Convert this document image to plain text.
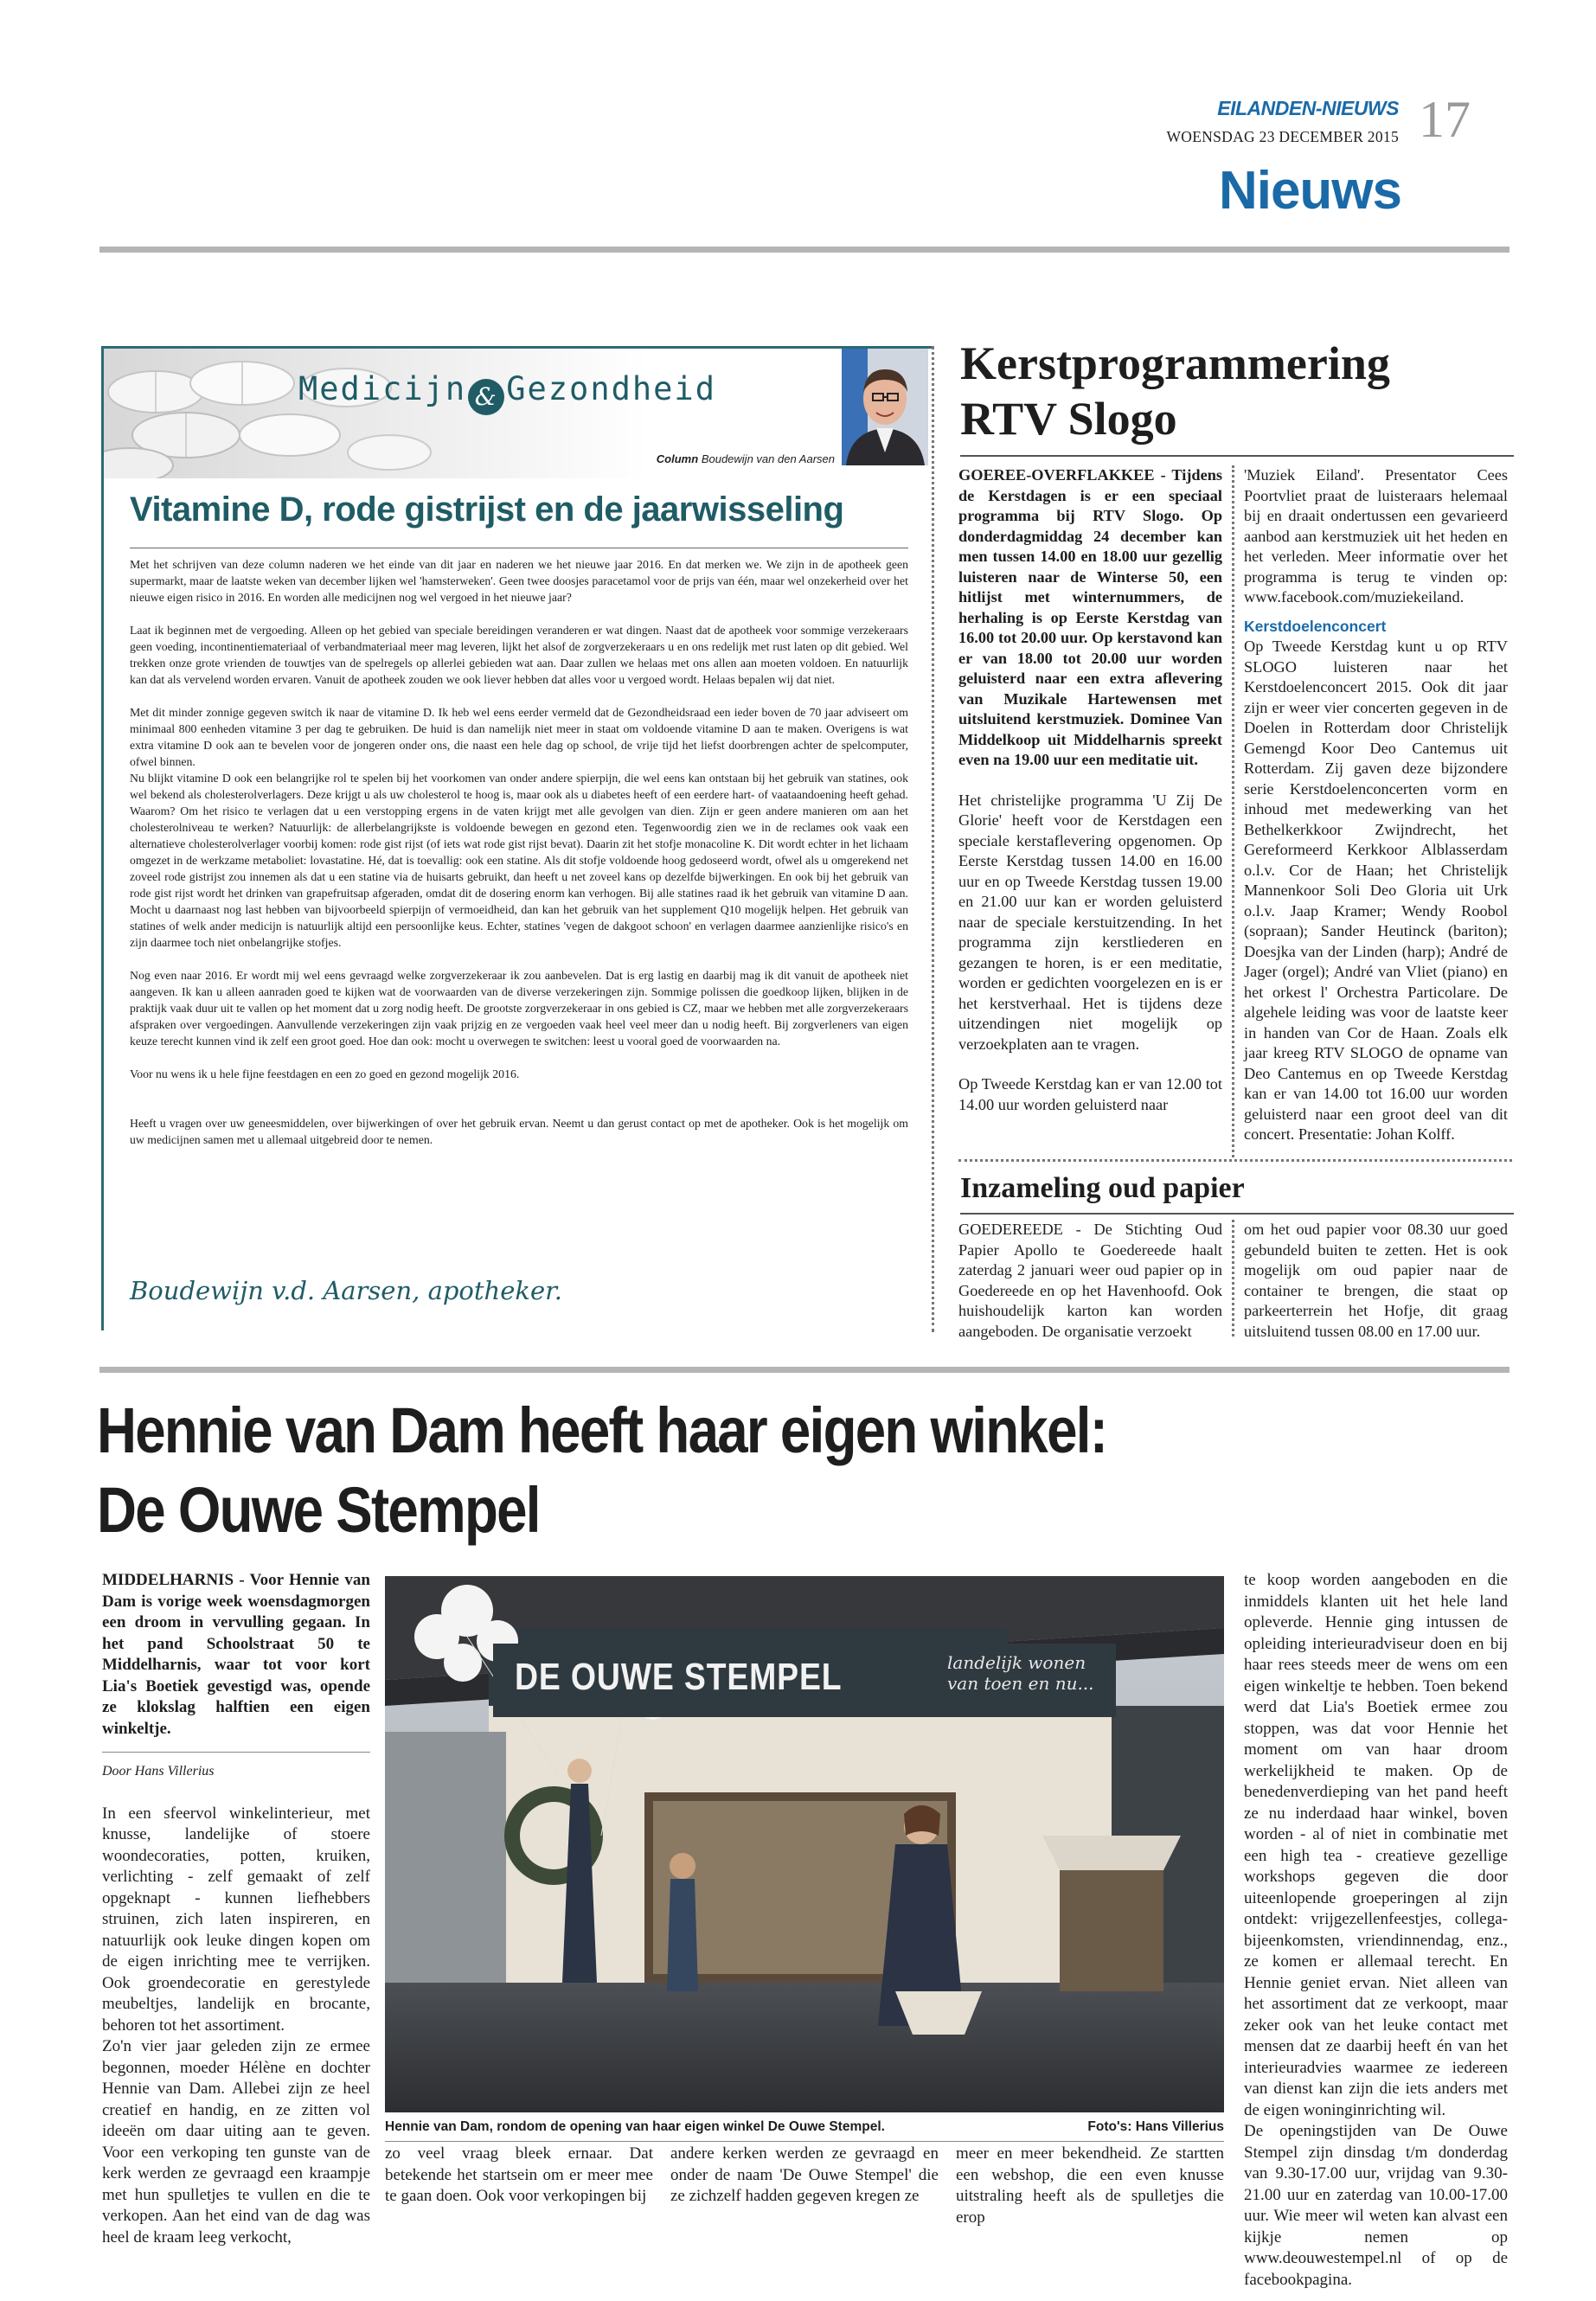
EILANDEN-NIEUWS
WOENSDAG 23 DECEMBER 2015 17
Nieuws
Medicijn & Gezondheid
Column Boudewijn van den Aarsen
Vitamine D, rode gistrijst en de jaarwisseling

Met het schrijven van deze column naderen we het einde van dit jaar en naderen we het nieuwe jaar 2016. En dat merken we. We zijn in de apotheek geen supermarkt, maar de laatste weken van december lijken wel 'hamsterweken'. Geen twee doosjes paracetamol voor de prijs van één, maar wel onzekerheid over het nieuwe eigen risico in 2016. En worden alle medicijnen nog wel vergoed in het nieuwe jaar?

Laat ik beginnen met de vergoeding. Alleen op het gebied van speciale bereidingen veranderen er wat dingen. Naast dat de apotheek voor sommige verzekeraars geen voeding, incontinentiemateriaal of verbandmateriaal meer mag leveren, lijkt het alsof de zorgverzekeraars u en ons redelijk met rust laten op dit gebied. Wel trekken onze grote vrienden de touwtjes van de spelregels op allerlei gebieden wat aan. Daar zullen we helaas met ons allen aan moeten voldoen. En natuurlijk kan dat als vervelend worden ervaren. Vanuit de apotheek zouden we ook liever hebben dat alles voor u vergoed wordt. Helaas bepalen wij dat niet.

Met dit minder zonnige gegeven switch ik naar de vitamine D. Ik heb wel eens eerder vermeld dat de Gezondheidsraad een ieder boven de 70 jaar adviseert om minimaal 800 eenheden vitamine 3 per dag te gebruiken. De huid is dan namelijk niet meer in staat om voldoende vitamine D aan te maken. Overigens is wat extra vitamine D ook aan te bevelen voor de jongeren onder ons, die naast een hele dag op school, de vrije tijd het liefst doorbrengen achter de spelcomputer, ofwel binnen.

Nu blijkt vitamine D ook een belangrijke rol te spelen bij het voorkomen van onder andere spierpijn, die wel eens kan ontstaan bij het gebruik van statines, ook wel bekend als cholesterolverlagers. Deze krijgt u als uw cholesterol te hoog is, maar ook als u diabetes heeft of een eerdere hart- of vaataandoening heeft gehad. Waarom? Om het risico te verlagen dat u een verstopping ergens in de vaten krijgt met alle gevolgen van dien. Zijn er geen andere manieren om aan het cholesterolniveau te werken? Natuurlijk: de allerbelangrijkste is voldoende bewegen en gezond eten. Tegenwoordig zien we in de reclames ook vaak een alternatieve cholesterolverlager voorbij komen: rode gist rijst (of iets wat rode gist rijst bevat). Daarin zit het stofje monacoline K. Dit wordt echter in het lichaam omgezet in de werkzame metaboliet: lovastatine. Hé, dat is toevallig: ook een statine. Als dit stofje voldoende hoog gedoseerd wordt, ofwel als u omgerekend net zoveel rode gistrijst zou innemen als dat u een statine via de huisarts gebruikt, dan heeft u net zoveel kans op dezelfde bijwerkingen. En ook bij het gebruik van rode gist rijst wordt het drinken van grapefruitsap afgeraden, omdat dit de dosering enorm kan verhogen. Bij alle statines raad ik het gebruik van vitamine D aan. Mocht u daarnaast nog last hebben van bijvoorbeeld spierpijn of vermoeidheid, dan kan het gebruik van het supplement Q10 mogelijk helpen. Het gebruik van statines of welk ander medicijn is natuurlijk altijd een persoonlijke keus. Echter, statines 'vegen de dakgoot schoon' en verlagen daarmee aanzienlijke risico's en zijn daarmee toch niet onbelangrijke stofjes.

Nog even naar 2016. Er wordt mij wel eens gevraagd welke zorgverzekeraar ik zou aanbevelen. Dat is erg lastig en daarbij mag ik dit vanuit de apotheek niet aangeven. Ik kan u alleen aanraden goed te kijken wat de voorwaarden van de diverse verzekeringen zijn. Sommige polissen die goedkoop lijken, blijken in de praktijk vaak duur uit te vallen op het moment dat u zorg nodig heeft. De grootste zorgverzekeraar in ons gebied is CZ, maar we hebben met alle zorgverzekeraars afspraken over vergoedingen. Aanvullende verzekeringen zijn vaak prijzig en ze vergoeden vaak heel veel meer dan u nodig heeft. Bij zorgverleners van eigen keuze terecht kunnen vind ik zelf een groot goed. Hoe dan ook: mocht u overwegen te switchen: leest u vooral goed de voorwaarden na.

Voor nu wens ik u hele fijne feestdagen en een zo goed en gezond mogelijk 2016.

Heeft u vragen over uw geneesmiddelen, over bijwerkingen of over het gebruik ervan. Neemt u dan gerust contact op met de apotheker. Ook is het mogelijk om uw medicijnen samen met u allemaal uitgebreid door te nemen.

Boudewijn v.d. Aarsen, apotheker.
Kerstprogrammering
RTV Slogo

GOEREE-OVERFLAKKEE - Tijdens de Kerstdagen is er een speciaal programma bij RTV Slogo. Op donderdagmiddag 24 december kan men tussen 14.00 en 18.00 uur gezellig luisteren naar de Winterse 50, een hitlijst met winternummers, de herhaling is op Eerste Kerstdag van 16.00 tot 20.00 uur. Op kerstavond kan er van 18.00 tot 20.00 uur worden geluisterd naar een extra aflevering van Muzikale Hartewensen met uitsluitend kerstmuziek. Dominee Van Middelkoop uit Middelharnis spreekt even na 19.00 uur een meditatie uit.

Het christelijke programma 'U Zij De Glorie' heeft voor de Kerstdagen een speciale kerstaflevering opgenomen. Op Eerste Kerstdag tussen 14.00 en 16.00 uur en op Tweede Kerstdag tussen 19.00 en 21.00 uur kan er worden geluisterd naar de speciale kerstuitzending. In het programma zijn kerstliederen en gezangen te horen, is er een meditatie, worden er gedichten voorgelezen en is er het kerstverhaal. Het is tijdens deze uitzendingen niet mogelijk op verzoekplaten aan te vragen.

Op Tweede Kerstdag kan er van 12.00 tot 14.00 uur worden geluisterd naar

'Muziek Eiland'. Presentator Cees Poortvliet praat de luisteraars helemaal bij en draait ondertussen een gevarieerd aanbod aan kerstmuziek uit het heden en het verleden. Meer informatie over het programma is terug te vinden op: www.facebook.com/muziekeiland.

Kerstdoelenconcert

Op Tweede Kerstdag kunt u op RTV SLOGO luisteren naar het Kerstdoelenconcert 2015. Ook dit jaar zijn er weer vier concerten gegeven in de Doelen in Rotterdam door Christelijk Gemengd Koor Deo Cantemus uit Rotterdam. Zij gaven deze bijzondere serie Kerstdoelenconcerten vorm en inhoud met medewerking van het Bethelkerkkoor Zwijndrecht, het Gereformeerd Kerkkoor Alblasserdam o.l.v. Cor de Haan; het Christelijk Mannenkoor Soli Deo Gloria uit Urk o.l.v. Jaap Kramer; Wendy Roobol (sopraan); Sander Heutinck (bariton); Doesjka van der Linden (harp); André de Jager (orgel); André van Vliet (piano) en het orkest l' Orchestra Particolare. De algehele leiding was voor de laatste keer in handen van Cor de Haan. Zoals elk jaar kreeg RTV SLOGO de opname van Deo Cantemus en op Tweede Kerstdag kan er van 14.00 tot 16.00 uur worden geluisterd naar een groot deel van dit concert. Presentatie: Johan Kolff.

Inzameling oud papier

GOEDEREEDE - De Stichting Oud Papier Apollo te Goedereede haalt zaterdag 2 januari weer oud papier op in Goedereede en op het Havenhoofd. Ook huishoudelijk karton kan worden aangeboden. De organisatie verzoekt

om het oud papier voor 08.30 uur goed gebundeld buiten te zetten. Het is ook mogelijk om oud papier naar de container te brengen, die staat op parkeerterrein het Hofje, dit graag uitsluitend tussen 08.00 en 17.00 uur.

Hennie van Dam heeft haar eigen winkel:
De Ouwe Stempel

MIDDELHARNIS - Voor Hennie van Dam is vorige week woensdagmorgen een droom in vervulling gegaan. In het pand Schoolstraat 50 te Middelharnis, waar tot voor kort Lia's Boetiek gevestigd was, opende ze klokslag halftien een eigen winkeltje.

Door Hans Villerius

In een sfeervol winkelinterieur, met knusse, landelijke of stoere woondecoraties, potten, kruiken, verlichting - zelf gemaakt of zelf opgeknapt - kunnen liefhebbers struinen, zich laten inspireren, en natuurlijk ook leuke dingen kopen om de eigen inrichting mee te verrijken. Ook groendecoratie en gerestylede meubeltjes, landelijk en brocante, behoren tot het assortiment.

Zo'n vier jaar geleden zijn ze ermee begonnen, moeder Hélène en dochter Hennie van Dam. Allebei zijn ze heel creatief en handig, en ze zitten vol ideeën om daar uiting aan te geven. Voor een verkoping ten gunste van de kerk werden ze gevraagd een kraampje met hun spulletjes te vullen en die te verkopen. Aan het eind van de dag was heel de kraam leeg verkocht,

DE OUWE STEMPEL	landelijk wonen
van toen en nu...
Hennie van Dam, rondom de opening van haar eigen winkel De Ouwe Stempel.	Foto's: Hans Villerius

zo veel vraag bleek ernaar. Dat betekende het startsein om er meer mee te gaan doen. Ook voor verkopingen bij

andere kerken werden ze gevraagd en onder de naam 'De Ouwe Stempel' die ze zichzelf hadden gegeven kregen ze

meer en meer bekendheid. Ze startten een webshop, die een even knusse uitstraling heeft als de spulletjes die erop

te koop worden aangeboden en die inmiddels klanten uit het hele land opleverde. Hennie ging intussen de opleiding interieuradviseur doen en bij haar rees steeds meer de wens om een eigen winkeltje te hebben. Toen bekend werd dat Lia's Boetiek ermee zou stoppen, was dat voor Hennie het moment om van haar droom werkelijkheid te maken. Op de benedenverdieping van het pand heeft ze nu inderdaad haar winkel, boven worden - al of niet in combinatie met een high tea - creatieve gezellige workshops gegeven die door uiteenlopende groeperingen al zijn ontdekt: vrijgezellenfeestjes, collega-bijeenkomsten, vriendinnendag, enz., ze komen er allemaal terecht. En Hennie geniet ervan. Niet alleen van het assortiment dat ze verkoopt, maar zeker ook van het leuke contact met mensen dat ze daarbij heeft én van het interieuradvies waarmee ze iedereen van dienst kan zijn die iets anders met de eigen woninginrichting wil.

De openingstijden van De Ouwe Stempel zijn dinsdag t/m donderdag van 9.30-17.00 uur, vrijdag van 9.30-21.00 uur en zaterdag van 10.00-17.00 uur. Wie meer wil weten kan alvast een kijkje nemen op www.deouwestempel.nl of op de facebookpagina.
